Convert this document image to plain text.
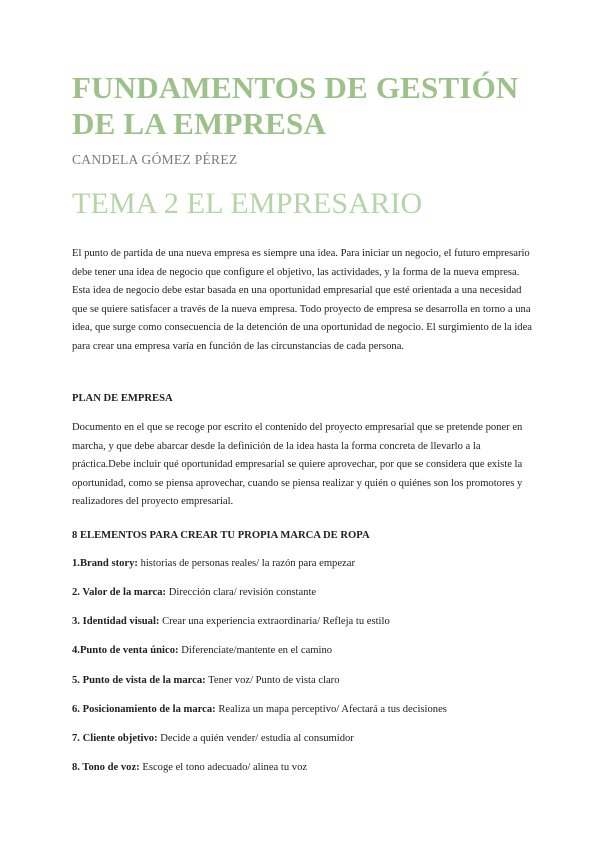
FUNDAMENTOS DE GESTIÓN
DE LA EMPRESA
CANDELA GÓMEZ PÉREZ
TEMA 2 EL EMPRESARIO
El punto de partida de una nueva empresa es siempre una idea. Para iniciar un negocio, el futuro empresario debe tener una idea de negocio que configure el objetivo, las actividades, y la forma de la nueva empresa. Esta idea de negocio debe estar basada en una oportunidad empresarial que esté orientada a una necesidad que se quiere satisfacer a través de la nueva empresa. Todo proyecto de empresa se desarrolla en torno a una idea, que surge como consecuencia de la detención de una oportunidad de negocio. El surgimiento de la idea para crear una empresa varía en función de las circunstancias de cada persona.
PLAN DE EMPRESA
Documento en el que se recoge por escrito el contenido del proyecto empresarial que se pretende poner en marcha, y que debe abarcar desde la definición de la idea hasta la forma concreta de llevarlo a la práctica.Debe incluir qué oportunidad empresarial se quiere aprovechar, por que se considera que existe la oportunidad, como se piensa aprovechar, cuando se piensa realizar y quién o quiénes son los promotores y realizadores del proyecto empresarial.
8 ELEMENTOS PARA CREAR TU PROPIA MARCA DE ROPA
1.Brand story: historias de personas reales/ la razón para empezar
2. Valor de la marca: Dirección clara/ revisión constante
3. Identidad visual: Crear una experiencia extraordinaria/ Refleja tu estilo
4.Punto de venta único: Diferenciate/mantente en el camino
5. Punto de vista de la marca: Tener voz/ Punto de vista claro
6. Posicionamiento de la marca: Realiza un mapa perceptivo/ Afectará a tus decisiones
7. Cliente objetivo: Decide a quién vender/ estudia al consumidor
8. Tono de voz: Escoge el tono adecuado/ alinea tu voz
